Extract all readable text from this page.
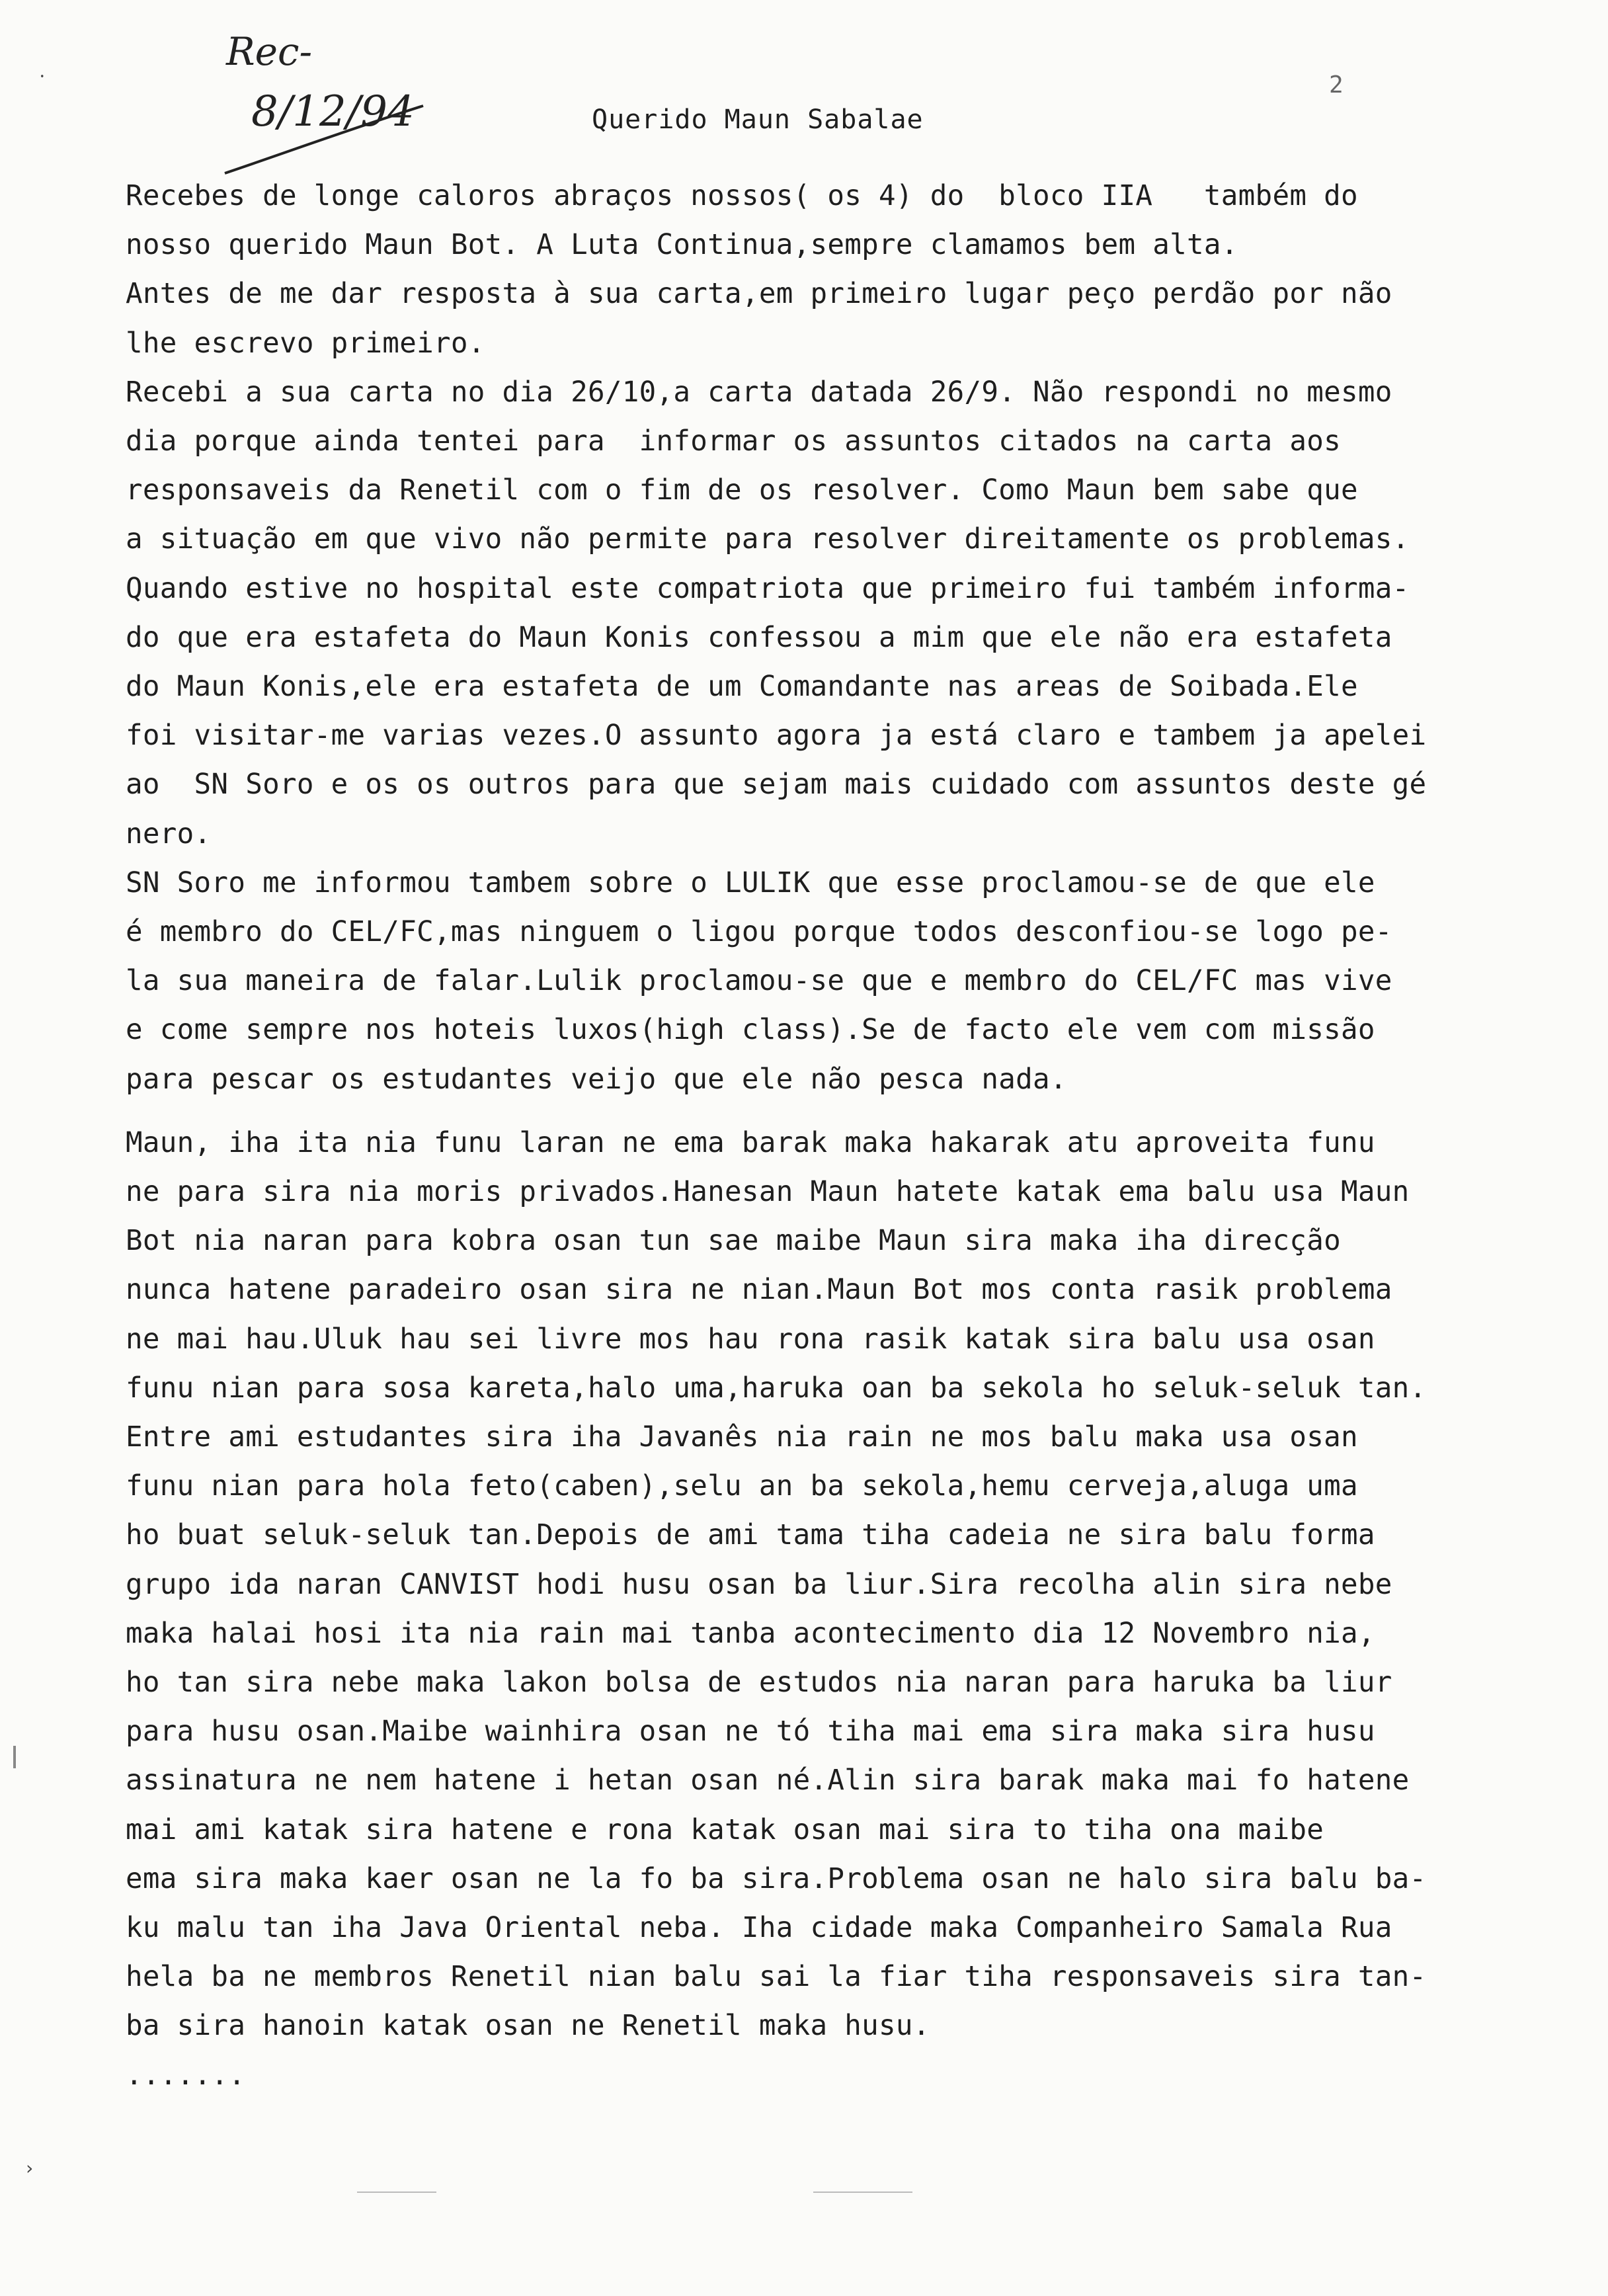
Rec-
8/12/94
2
Querido Maun Sabalae
Recebes de longe caloros abraços nossos( os 4) do  bloco IIA   também do
nosso querido Maun Bot. A Luta Continua,sempre clamamos bem alta.
Antes de me dar resposta à sua carta,em primeiro lugar peço perdão por não
lhe escrevo primeiro.
Recebi a sua carta no dia 26/10,a carta datada 26/9. Não respondi no mesmo
dia porque ainda tentei para  informar os assuntos citados na carta aos
responsaveis da Renetil com o fim de os resolver. Como Maun bem sabe que
a situação em que vivo não permite para resolver direitamente os problemas.
Quando estive no hospital este compatriota que primeiro fui também informa-
do que era estafeta do Maun Konis confessou a mim que ele não era estafeta
do Maun Konis,ele era estafeta de um Comandante nas areas de Soibada.Ele
foi visitar-me varias vezes.O assunto agora ja está claro e tambem ja apelei
ao  SN Soro e os os outros para que sejam mais cuidado com assuntos deste gé
nero.
SN Soro me informou tambem sobre o LULIK que esse proclamou-se de que ele
é membro do CEL/FC,mas ninguem o ligou porque todos desconfiou-se logo pe-
la sua maneira de falar.Lulik proclamou-se que e membro do CEL/FC mas vive
e come sempre nos hoteis luxos(high class).Se de facto ele vem com missão
para pescar os estudantes veijo que ele não pesca nada.
Maun, iha ita nia funu laran ne ema barak maka hakarak atu aproveita funu
ne para sira nia moris privados.Hanesan Maun hatete katak ema balu usa Maun
Bot nia naran para kobra osan tun sae maibe Maun sira maka iha direcção
nunca hatene paradeiro osan sira ne nian.Maun Bot mos conta rasik problema
ne mai hau.Uluk hau sei livre mos hau rona rasik katak sira balu usa osan
funu nian para sosa kareta,halo uma,haruka oan ba sekola ho seluk-seluk tan.
Entre ami estudantes sira iha Javanês nia rain ne mos balu maka usa osan
funu nian para hola feto(caben),selu an ba sekola,hemu cerveja,aluga uma
ho buat seluk-seluk tan.Depois de ami tama tiha cadeia ne sira balu forma
grupo ida naran CANVIST hodi husu osan ba liur.Sira recolha alin sira nebe
maka halai hosi ita nia rain mai tanba acontecimento dia 12 Novembro nia,
ho tan sira nebe maka lakon bolsa de estudos nia naran para haruka ba liur
para husu osan.Maibe wainhira osan ne tó tiha mai ema sira maka sira husu
assinatura ne nem hatene i hetan osan né.Alin sira barak maka mai fo hatene
mai ami katak sira hatene e rona katak osan mai sira to tiha ona maibe
ema sira maka kaer osan ne la fo ba sira.Problema osan ne halo sira balu ba-
ku malu tan iha Java Oriental neba. Iha cidade maka Companheiro Samala Rua
hela ba ne membros Renetil nian balu sai la fiar tiha responsaveis sira tan-
ba sira hanoin katak osan ne Renetil maka husu.
.......
⸱
›
